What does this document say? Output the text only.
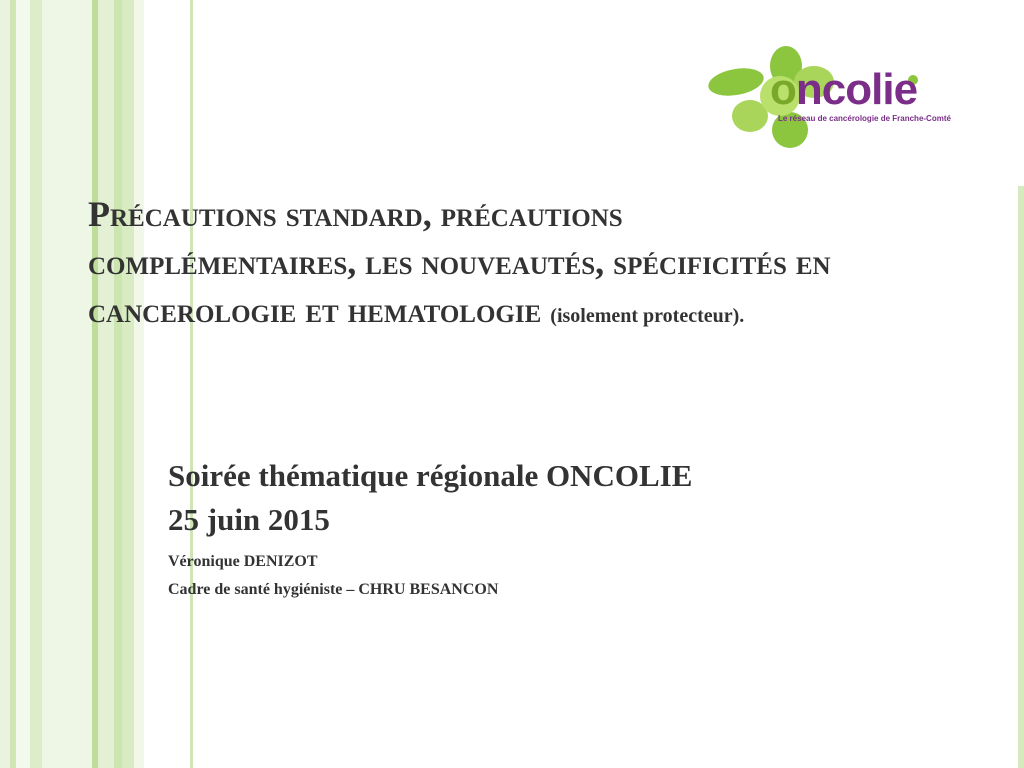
oncolie
Le réseau de cancérologie de Franche-Comté
Précautions standard, précautions complémentaires, les nouveautés, spécificités en cancerologie et hematologie (isolement protecteur).
Soirée thématique régionale ONCOLIE
25 juin 2015
Véronique DENIZOT
Cadre de santé hygiéniste – CHRU BESANCON
